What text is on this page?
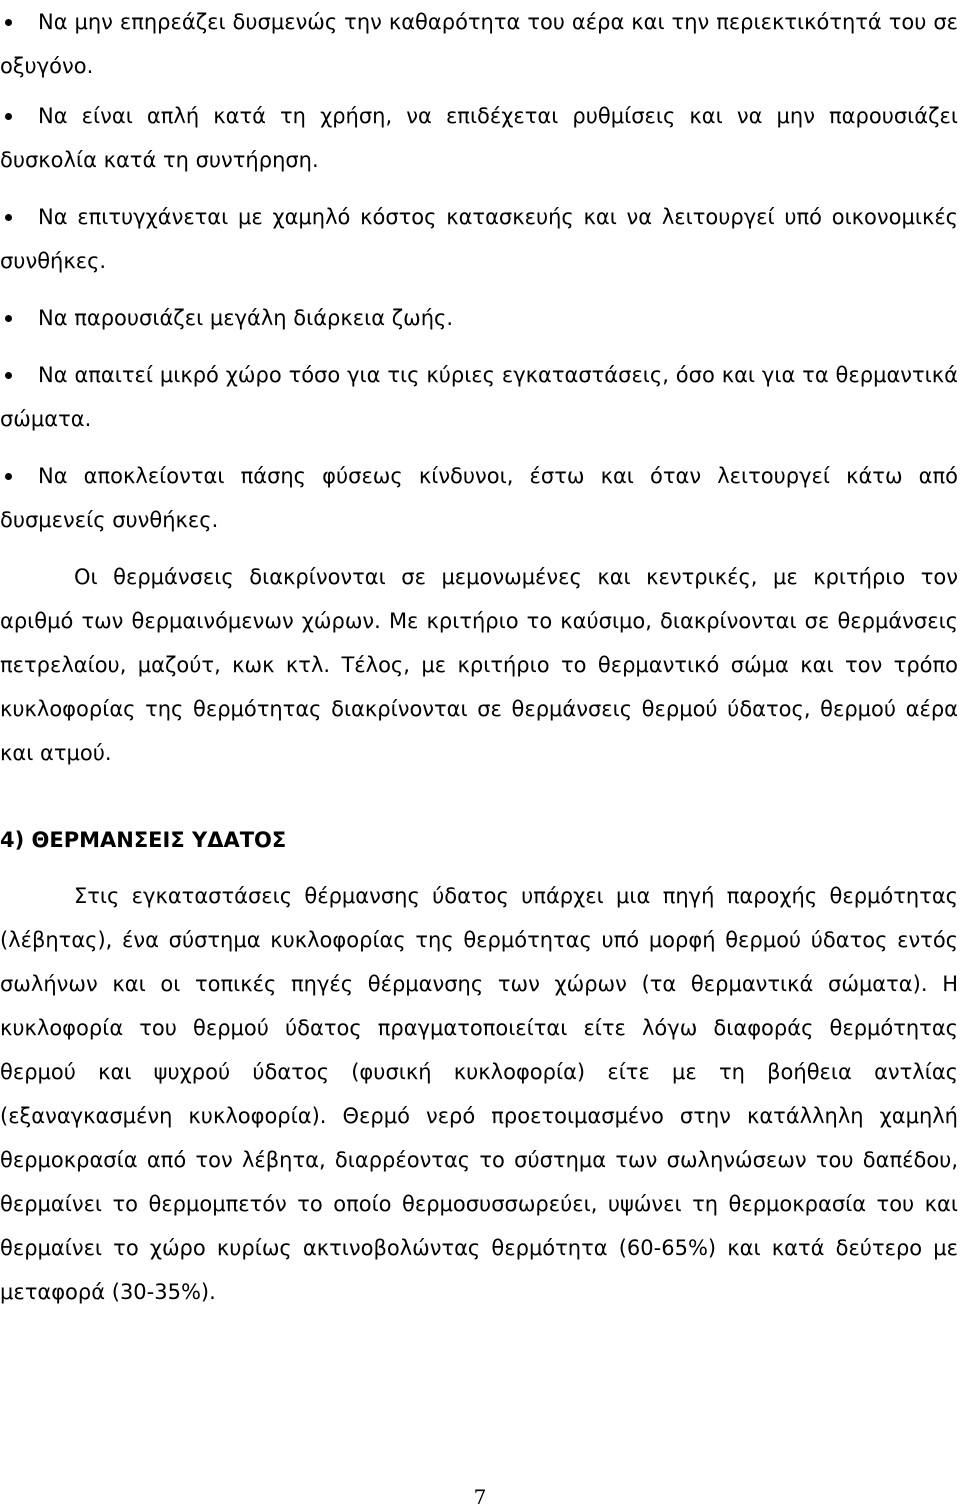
Να μην επηρεάζει δυσμενώς την καθαρότητα του αέρα και την περιεκτικότητά του σε οξυγόνο.
Να είναι απλή κατά τη χρήση, να επιδέχεται ρυθμίσεις και να μην παρουσιάζει δυσκολία κατά τη συντήρηση.
Να επιτυγχάνεται με χαμηλό κόστος κατασκευής και να λειτουργεί υπό οικονομικές συνθήκες.
Να παρουσιάζει μεγάλη διάρκεια ζωής.
Να απαιτεί μικρό χώρο τόσο για τις κύριες εγκαταστάσεις, όσο και για τα θερμαντικά σώματα.
Να αποκλείονται πάσης φύσεως κίνδυνοι, έστω και όταν λειτουργεί κάτω από δυσμενείς συνθήκες.

Οι θερμάνσεις διακρίνονται σε μεμονωμένες και κεντρικές, με κριτήριο τον αριθμό των θερμαινόμενων χώρων. Με κριτήριο το καύσιμο, διακρίνονται σε θερμάνσεις πετρελαίου, μαζούτ, κωκ κτλ. Τέλος, με κριτήριο το θερμαντικό σώμα και τον τρόπο κυκλοφορίας της θερμότητας διακρίνονται σε θερμάνσεις θερμού ύδατος, θερμού αέρα και ατμού.

4) ΘΕΡΜΑΝΣΕΙΣ ΥΔΑΤΟΣ

Στις εγκαταστάσεις θέρμανσης ύδατος υπάρχει μια πηγή παροχής θερμότητας (λέβητας), ένα σύστημα κυκλοφορίας της θερμότητας υπό μορφή θερμού ύδατος εντός σωλήνων και οι τοπικές πηγές θέρμανσης των χώρων (τα θερμαντικά σώματα). Η κυκλοφορία του θερμού ύδατος πραγματοποιείται είτε λόγω διαφοράς θερμότητας θερμού και ψυχρού ύδατος (φυσική κυκλοφορία) είτε με τη βοήθεια αντλίας (εξαναγκασμένη κυκλοφορία). Θερμό νερό προετοιμασμένο στην κατάλληλη χαμηλή θερμοκρασία από τον λέβητα, διαρρέοντας το σύστημα των σωληνώσεων του δαπέδου, θερμαίνει το θερμομπετόν το οποίο θερμοσυσσωρεύει, υψώνει τη θερμοκρασία του και θερμαίνει το χώρο κυρίως ακτινοβολώντας θερμότητα (60-65%) και κατά δεύτερο με μεταφορά (30-35%).

7
